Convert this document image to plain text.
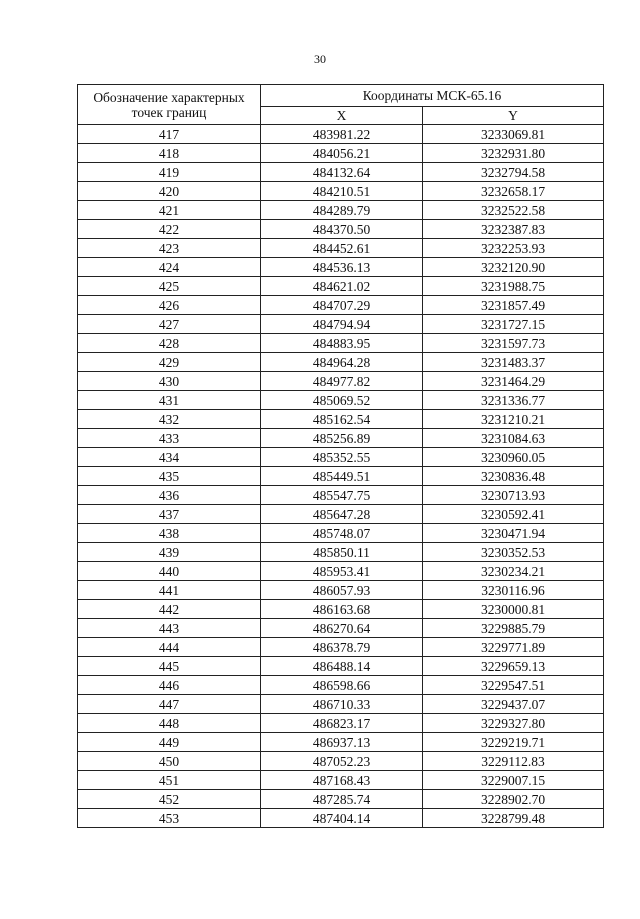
30
Обозначение характерных точек границ	Координаты МСК-65.16	
	X	Y
417	483981.22	3233069.81
418	484056.21	3232931.80
419	484132.64	3232794.58
420	484210.51	3232658.17
421	484289.79	3232522.58
422	484370.50	3232387.83
423	484452.61	3232253.93
424	484536.13	3232120.90
425	484621.02	3231988.75
426	484707.29	3231857.49
427	484794.94	3231727.15
428	484883.95	3231597.73
429	484964.28	3231483.37
430	484977.82	3231464.29
431	485069.52	3231336.77
432	485162.54	3231210.21
433	485256.89	3231084.63
434	485352.55	3230960.05
435	485449.51	3230836.48
436	485547.75	3230713.93
437	485647.28	3230592.41
438	485748.07	3230471.94
439	485850.11	3230352.53
440	485953.41	3230234.21
441	486057.93	3230116.96
442	486163.68	3230000.81
443	486270.64	3229885.79
444	486378.79	3229771.89
445	486488.14	3229659.13
446	486598.66	3229547.51
447	486710.33	3229437.07
448	486823.17	3229327.80
449	486937.13	3229219.71
450	487052.23	3229112.83
451	487168.43	3229007.15
452	487285.74	3228902.70
453	487404.14	3228799.48
